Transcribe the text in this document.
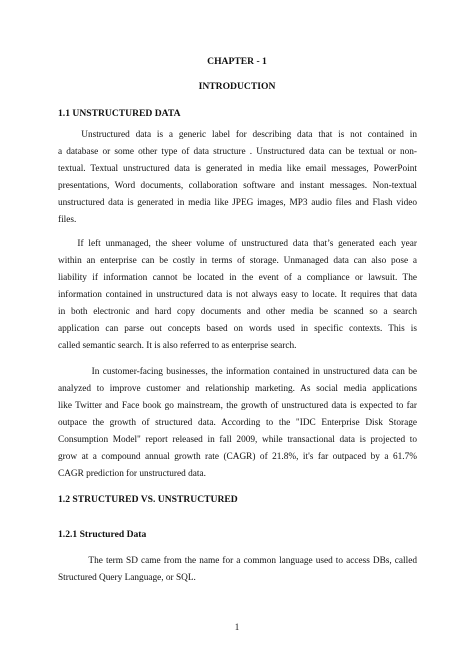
CHAPTER - 1
INTRODUCTION
1.1 UNSTRUCTURED DATA
Unstructured data is a generic label for describing data that is not contained in
a database or some other type of data structure . Unstructured data can be textual or non-
textual. Textual unstructured data is generated in media like email messages, PowerPoint
presentations, Word documents, collaboration software and instant messages. Non-textual
unstructured data is generated in media like JPEG images, MP3 audio files and Flash video
files.
If left unmanaged, the sheer volume of unstructured data that’s generated each year
within an enterprise can be costly in terms of storage. Unmanaged data can also pose a
liability if information cannot be located in the event of a compliance or lawsuit. The
information contained in unstructured data is not always easy to locate. It requires that data
in both electronic and hard copy documents and other media be scanned so a search
application can parse out concepts based on words used in specific contexts. This is
called semantic search. It is also referred to as enterprise search.
In customer-facing businesses, the information contained in unstructured data can be
analyzed to improve customer and relationship marketing. As social media applications
like Twitter and Face book go mainstream, the growth of unstructured data is expected to far
outpace the growth of structured data. According to the "IDC Enterprise Disk Storage
Consumption Model" report released in fall 2009, while transactional data is projected to
grow at a compound annual growth rate (CAGR) of 21.8%, it's far outpaced by a 61.7%
CAGR prediction for unstructured data.
1.2 STRUCTURED VS. UNSTRUCTURED
1.2.1 Structured Data
The term SD came from the name for a common language used to access DBs, called
Structured Query Language, or SQL.
1
